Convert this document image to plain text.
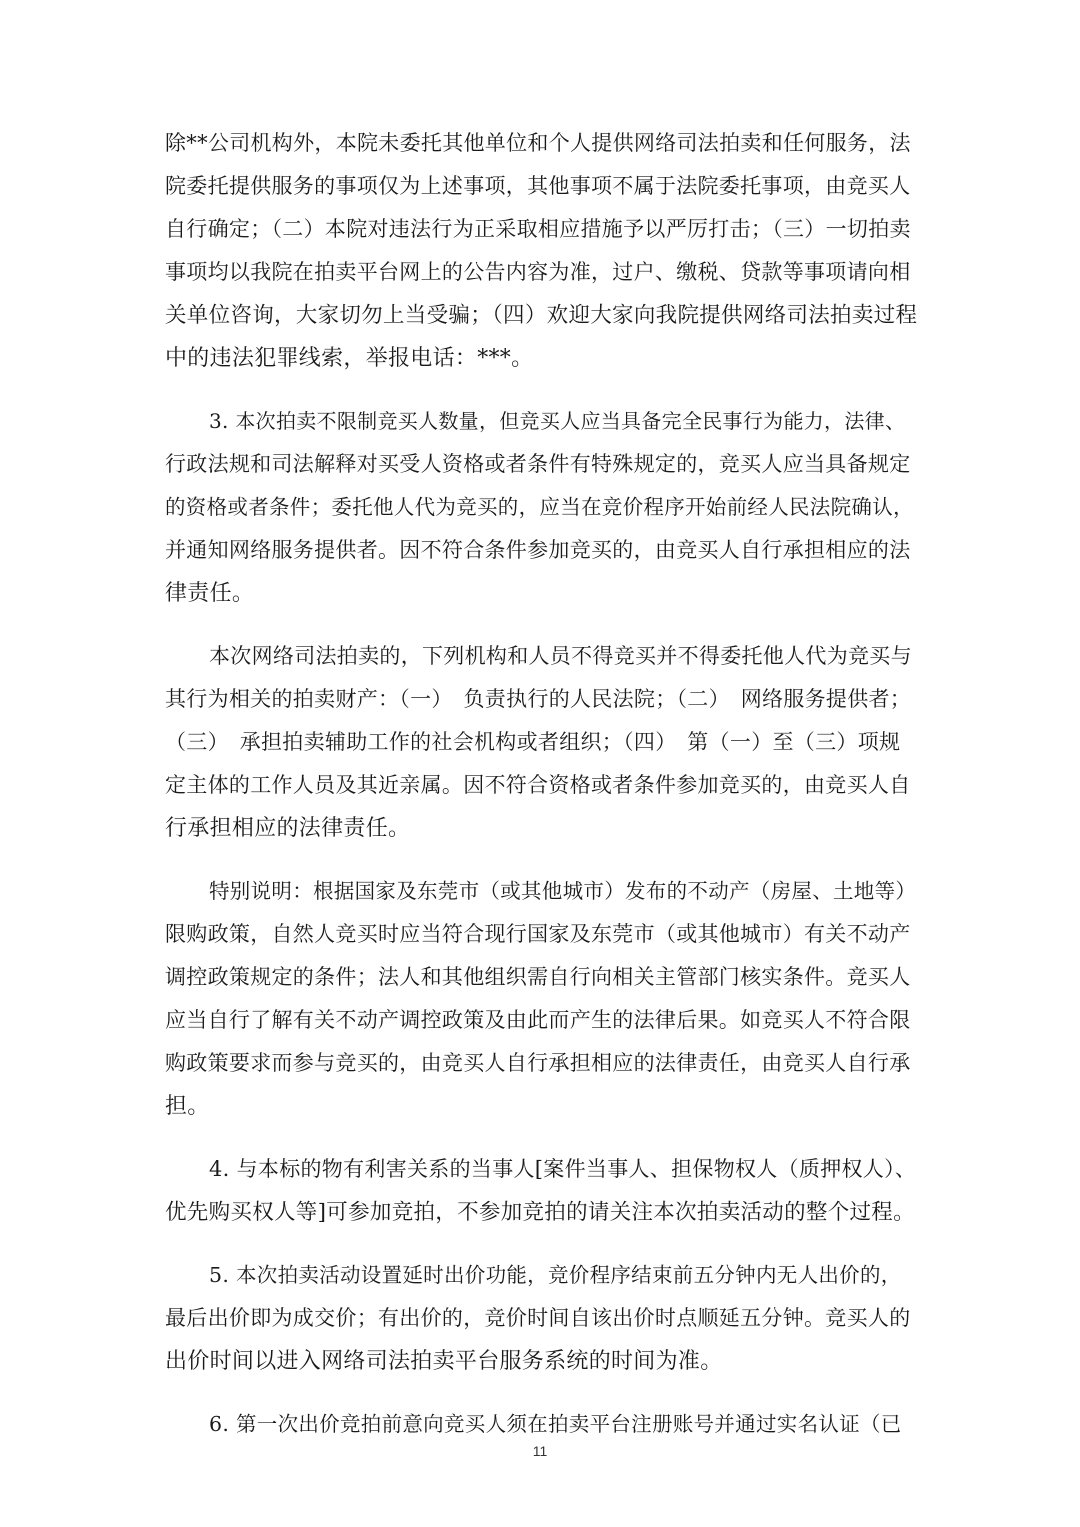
除**公司机构外，本院未委托其他单位和个人提供网络司法拍卖和任何服务，法
院委托提供服务的事项仅为上述事项，其他事项不属于法院委托事项，由竞买人
自行确定；（二）本院对违法行为正采取相应措施予以严厉打击；（三）一切拍卖
事项均以我院在拍卖平台网上的公告内容为准，过户、缴税、贷款等事项请向相
关单位咨询，大家切勿上当受骗；（四）欢迎大家向我院提供网络司法拍卖过程
中的违法犯罪线索，举报电话：***。

3. 本次拍卖不限制竞买人数量，但竞买人应当具备完全民事行为能力，法律、
行政法规和司法解释对买受人资格或者条件有特殊规定的，竞买人应当具备规定
的资格或者条件；委托他人代为竞买的，应当在竞价程序开始前经人民法院确认，
并通知网络服务提供者。因不符合条件参加竞买的，由竞买人自行承担相应的法
律责任。

本次网络司法拍卖的，下列机构和人员不得竞买并不得委托他人代为竞买与
其行为相关的拍卖财产：（一）　负责执行的人民法院；（二）　网络服务提供者；
（三）　承担拍卖辅助工作的社会机构或者组织；（四）　第（一）至（三）项规
定主体的工作人员及其近亲属。因不符合资格或者条件参加竞买的，由竞买人自
行承担相应的法律责任。

特别说明：根据国家及东莞市（或其他城市）发布的不动产（房屋、土地等）
限购政策，自然人竞买时应当符合现行国家及东莞市（或其他城市）有关不动产
调控政策规定的条件；法人和其他组织需自行向相关主管部门核实条件。竞买人
应当自行了解有关不动产调控政策及由此而产生的法律后果。如竞买人不符合限
购政策要求而参与竞买的，由竞买人自行承担相应的法律责任，由竞买人自行承
担。

4. 与本标的物有利害关系的当事人[案件当事人、担保物权人（质押权人）、
优先购买权人等]可参加竞拍，不参加竞拍的请关注本次拍卖活动的整个过程。

5. 本次拍卖活动设置延时出价功能，竞价程序结束前五分钟内无人出价的，
最后出价即为成交价；有出价的，竞价时间自该出价时点顺延五分钟。竞买人的
出价时间以进入网络司法拍卖平台服务系统的时间为准。

6. 第一次出价竞拍前意向竞买人须在拍卖平台注册账号并通过实名认证（已

11
